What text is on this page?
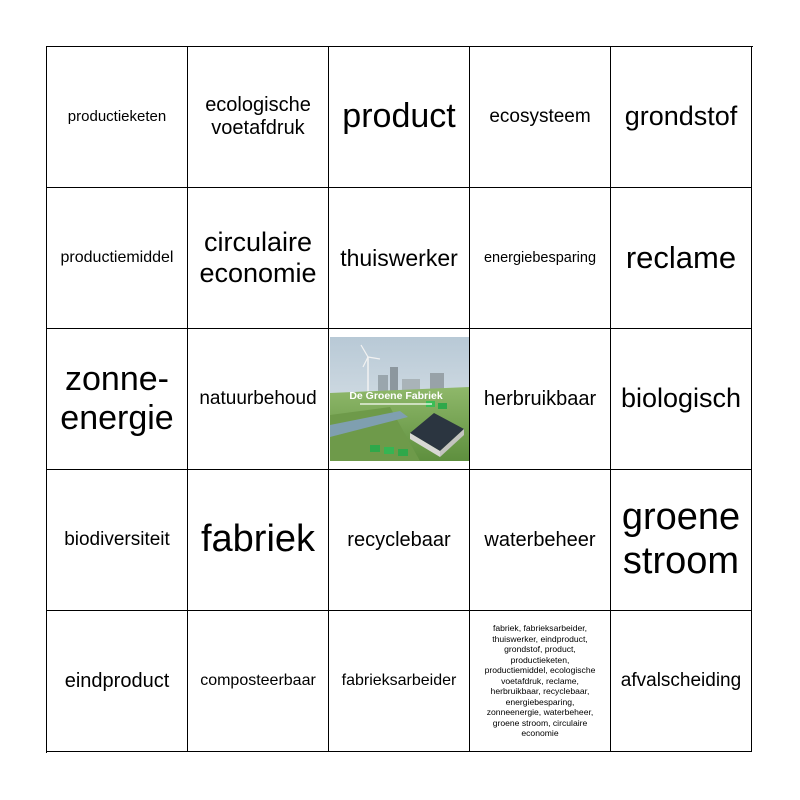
productieketen
ecologische voetafdruk	product ecosysteem grondstof
productiemiddel
circulaire economie
thuiswerker energiebesparing reclame
zonne-energie
natuurbehoud	De Groene Fabriek herbruikbaar biologisch
biodiversiteit fabriek recyclebaar waterbeheer
groene stroom
eindproduct composteerbaar fabrieksarbeider
fabriek, fabrieksarbeider, thuiswerker, eindproduct, grondstof, product, productieketen, productiemiddel, ecologische voetafdruk, reclame, herbruikbaar, recyclebaar, energiebesparing, zonneenergie, waterbeheer, groene stroom, circulaire economie
afvalscheiding
